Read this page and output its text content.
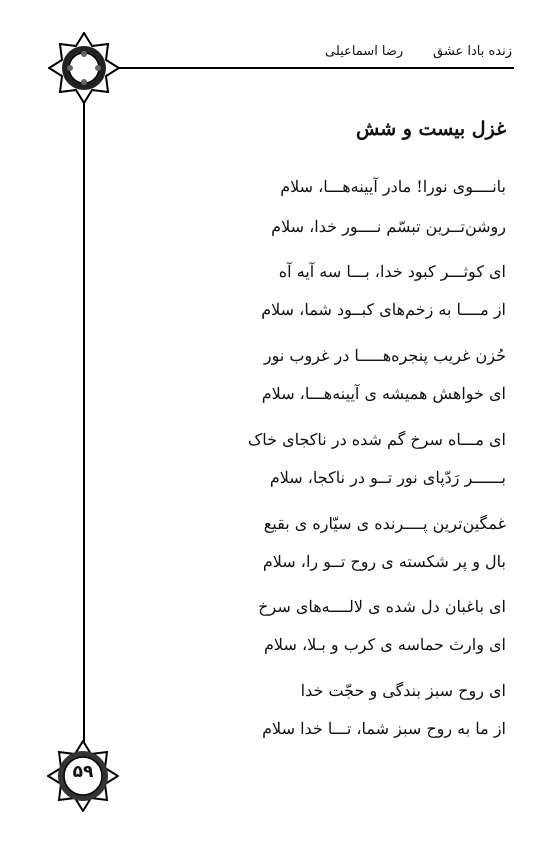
زنده بادا عشق
رضا اسماعیلی
۵۹
غزل بیست و شش
بانــــوی نورا! مادر آیینه‌هـــا، سلام
روشن‌تــرین تبسّم نــــور خدا، سلام
ای کوثـــر کبود خدا، بـــا سه آیه آه
از مــــا به زخم‌های کبــود شما، سلام
حُزن غریب پنجره‌هـــــا در غروب نور
ای خواهش همیشه ی آیینه‌هـــا، سلام
ای مـــاه سرخ گم شده در ناکجای خاک
بــــــر رَدّپای نور تــو در ناکجا، سلام
غمگین‌ترین پــــرنده ی سیّاره ی بقیع
بال و پر شکسته ی روح تــو را، سلام
ای باغبان دل شده ی لالــــه‌های سرخ
ای وارث حماسه ی کرب و بـلا، سلام
ای روح سبز بندگی و حجّت خدا
از ما به روح سبز شما، تـــا خدا سلام
